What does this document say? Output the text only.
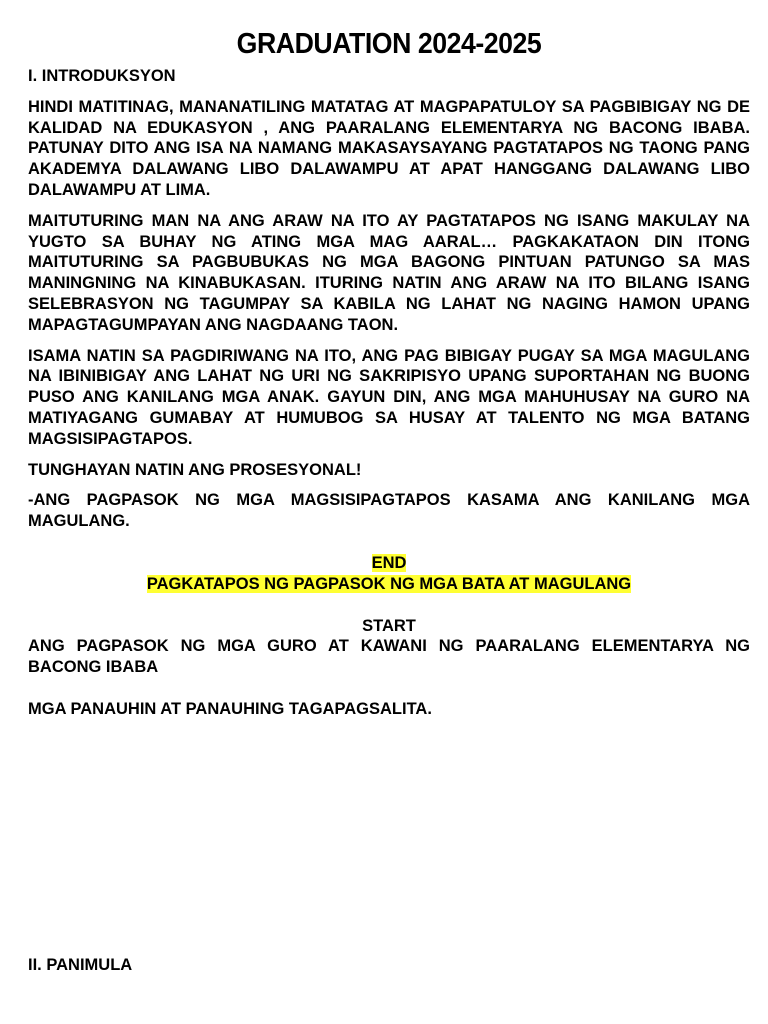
GRADUATION 2024-2025

I. INTRODUKSYON

HINDI MATITINAG, MANANATILING MATATAG AT MAGPAPATULOY SA PAGBIBIGAY NG DE KALIDAD NA EDUKASYON , ANG PAARALANG ELEMENTARYA NG BACONG IBABA. PATUNAY DITO ANG ISA NA NAMANG MAKASAYSAYANG PAGTATAPOS NG TAONG PANG AKADEMYA DALAWANG LIBO DALAWAMPU AT APAT HANGGANG DALAWANG LIBO DALAWAMPU AT LIMA.

MAITUTURING MAN NA ANG ARAW NA ITO AY PAGTATAPOS NG ISANG MAKULAY NA YUGTO SA BUHAY NG ATING MGA MAG AARAL… PAGKAKATAON DIN ITONG MAITUTURING SA PAGBUBUKAS NG MGA BAGONG PINTUAN PATUNGO SA MAS MANINGNING NA KINABUKASAN. ITURING NATIN ANG ARAW NA ITO BILANG ISANG SELEBRASYON NG TAGUMPAY SA KABILA NG LAHAT NG NAGING HAMON UPANG MAPAGTAGUMPAYAN ANG NAGDAANG TAON.

ISAMA NATIN SA PAGDIRIWANG NA ITO, ANG PAG BIBIGAY PUGAY SA MGA MAGULANG NA IBINIBIGAY ANG LAHAT NG URI NG SAKRIPISYO UPANG SUPORTAHAN NG BUONG PUSO ANG KANILANG MGA ANAK. GAYUN DIN, ANG MGA MAHUHUSAY NA GURO NA MATIYAGANG GUMABAY AT HUMUBOG SA HUSAY AT TALENTO NG MGA BATANG MAGSISIPAGTAPOS.

TUNGHAYAN NATIN ANG PROSESYONAL!

-ANG PAGPASOK NG MGA MAGSISIPAGTAPOS KASAMA ANG KANILANG MGA MAGULANG.

END

PAGKATAPOS NG PAGPASOK NG MGA BATA AT MAGULANG

START

ANG PAGPASOK NG MGA GURO AT KAWANI NG PAARALANG ELEMENTARYA NG BACONG IBABA

MGA PANAUHIN AT PANAUHING TAGAPAGSALITA.

II. PANIMULA
